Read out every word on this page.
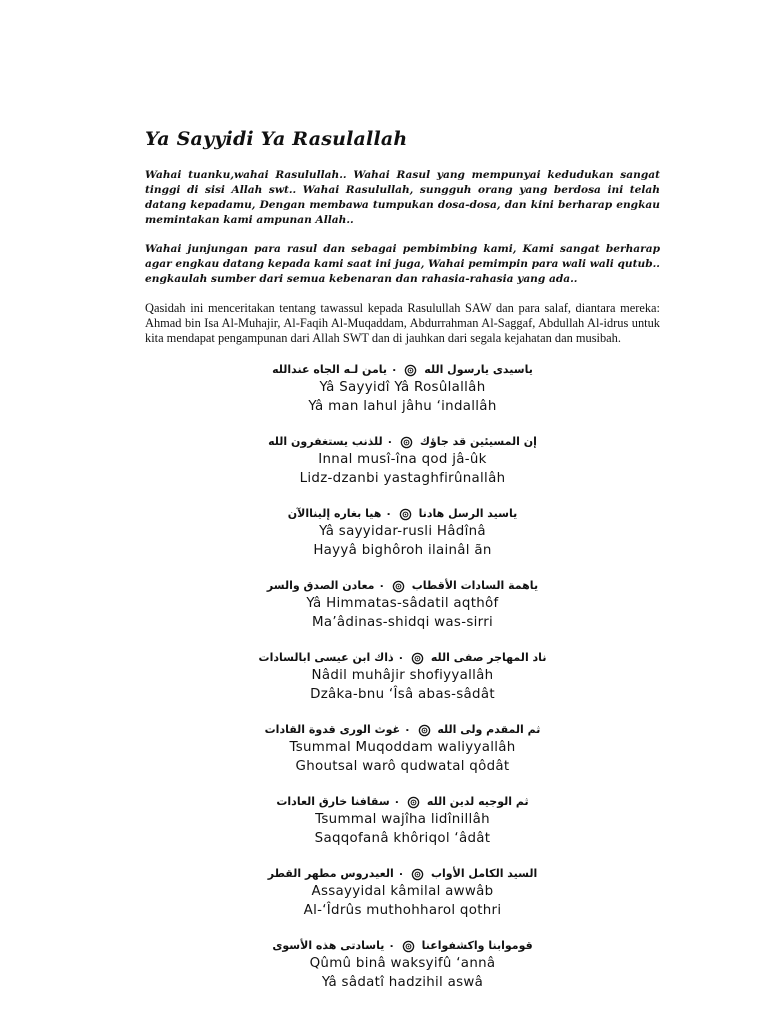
Ya Sayyidi Ya Rasulallah

Wahai tuanku,wahai Rasulullah.. Wahai Rasul yang mempunyai kedudukan sangat tinggi di sisi Allah swt.. Wahai Rasulullah, sungguh orang yang berdosa ini telah datang kepadamu, Dengan membawa tumpukan dosa-dosa, dan kini berharap engkau memintakan kami ampunan Allah..

Wahai junjungan para rasul dan sebagai pembimbing kami, Kami sangat berharap agar engkau datang kepada kami saat ini juga, Wahai pemimpin para wali wali qutub.. engkaulah sumber dari semua kebenaran dan rahasia-rahasia yang ada..

Qasidah ini menceritakan tentang tawassul kepada Rasulullah SAW dan para salaf, diantara mereka: Ahmad bin Isa Al-Muhajir, Al-Faqih Al-Muqaddam, Abdurrahman Al-Saggaf, Abdullah Al-idrus untuk kita mendapat pengampunan dari Allah SWT dan di jauhkan dari segala kejahatan dan musibah.

ياسيدى يارسول الله  ٠ يامن لـه الجاه عندالله
Yâ Sayyidî Yâ Rosûlallâh
Yâ man lahul jâhu ‘indallâh
إن المسيئين قد جاؤك  ٠ للذنب يستغفرون الله
Innal musî-îna qod jâ-ûk
Lidz-dzanbi yastaghfirûnallâh
ياسيد الرسل هادنا  ٠ هيا بغاره إليناالآن
Yâ sayyidar-rusli Hâdînâ
Hayyâ bighôroh ilainâl ãn
ياهمة السادات الأقطاب  ٠ معادن الصدق والسر
Yâ Himmatas-sâdatil aqthôf
Ma’âdinas-shidqi was-sirri
ناد المهاجر صفى الله  ٠ ذاك ابن عيسى ابالسادات
Nâdil muhâjir shofiyyallâh
Dzâka-bnu ‘Îsâ abas-sâdât
ثم المقدم ولى الله  ٠ غوث الورى قدوة القادات
Tsummal Muqoddam waliyyallâh
Ghoutsal warô qudwatal qôdât
ثم الوجيه لدين الله  ٠ سقافنا خارق العادات
Tsummal wajîha lidînillâh
Saqqofanâ khôriqol ‘âdât
السيد الكامل الأواب  ٠ العيدروس مطهر القطر
Assayyidal kâmilal awwâb
Al-‘Îdrûs muthohharol qothri
قوموابنا واكشفواعنا  ٠ ياسادتى هذه الأسوى
Qûmû binâ waksyifû ‘annâ
Yâ sâdatî hadzihil aswâ
